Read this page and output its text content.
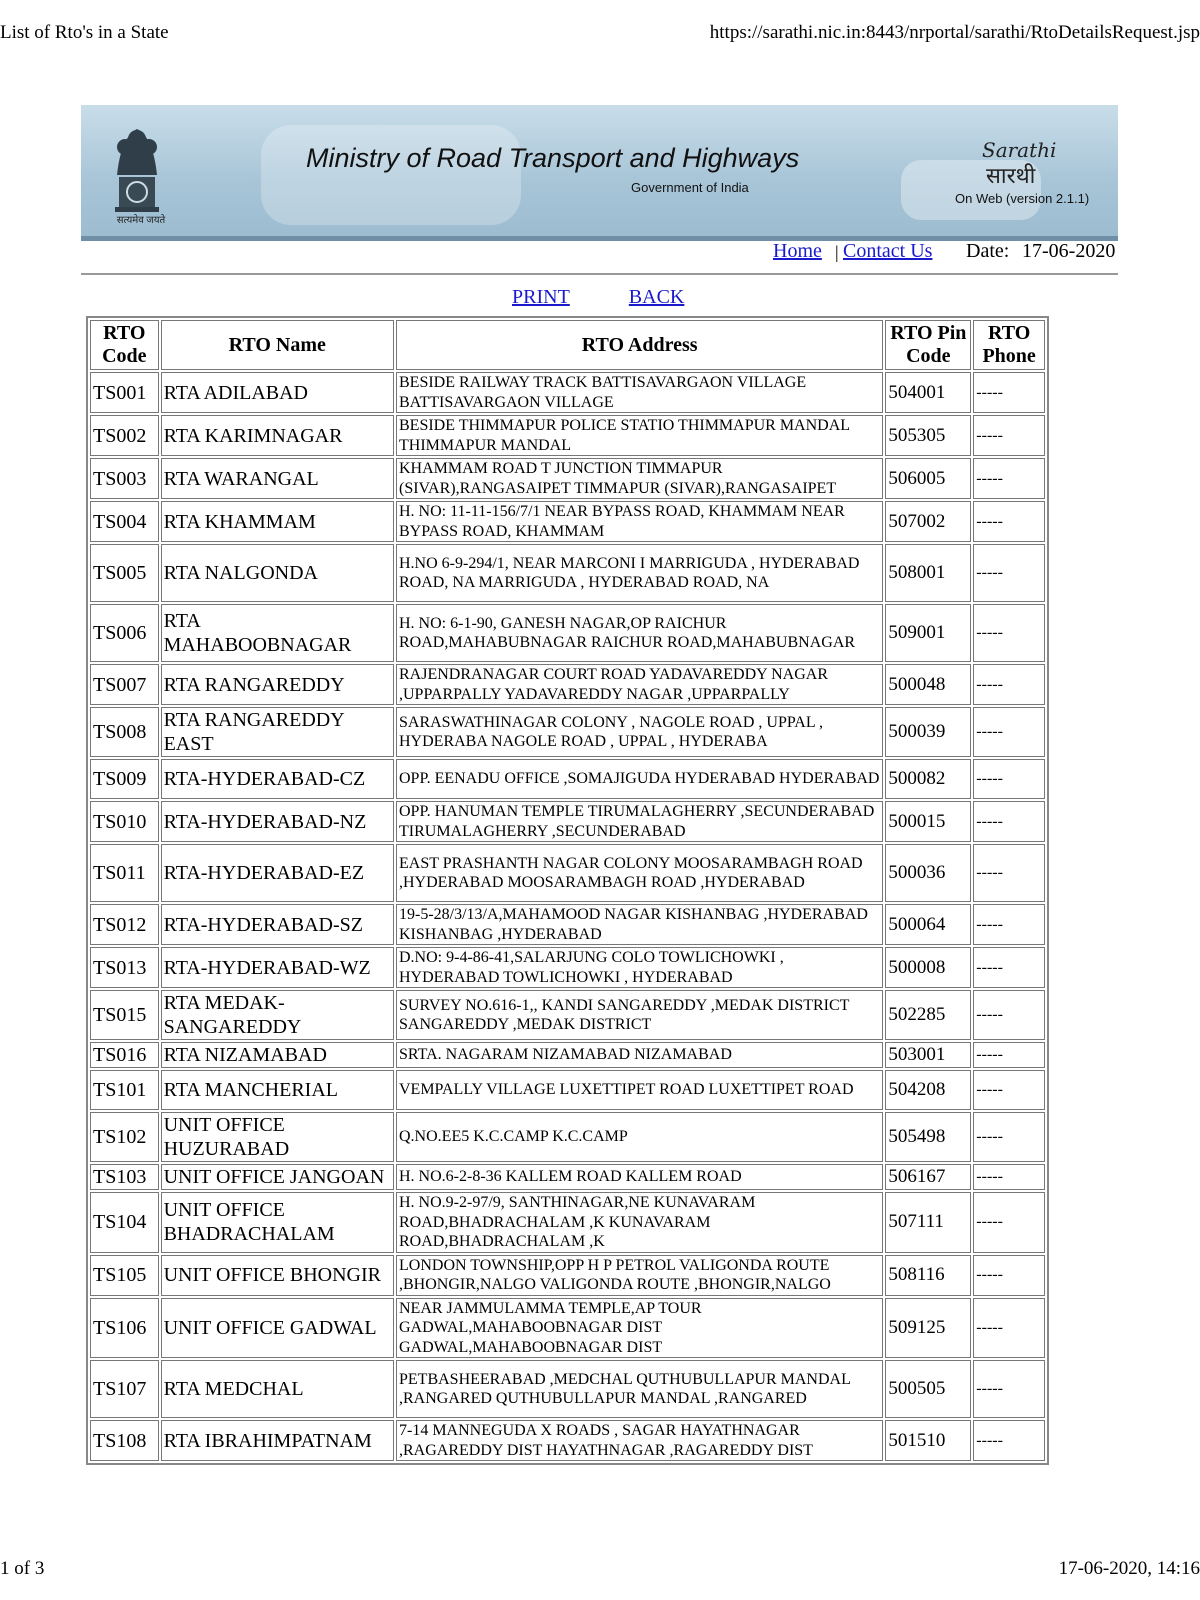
List of Rto's in a State	https://sarathi.nic.in:8443/nrportal/sarathi/RtoDetailsRequest.jsp
सत्यमेव जयते
Ministry of Road Transport and Highways
Government of India
Sarathi
सारथी
On Web (version 2.1.1)
Home | Contact Us Date: 17-06-2020
PRINT	BACK
RTO Code	RTO Name	RTO Address	RTO Pin Code	RTO Phone
TS001	RTA ADILABAD	BESIDE RAILWAY TRACK BATTISAVARGAON VILLAGE BATTISAVARGAON VILLAGE	504001	-----
TS002	RTA KARIMNAGAR	BESIDE THIMMAPUR POLICE STATIO THIMMAPUR MANDAL THIMMAPUR MANDAL	505305	-----
TS003	RTA WARANGAL	KHAMMAM ROAD T JUNCTION TIMMAPUR (SIVAR),RANGASAIPET TIMMAPUR (SIVAR),RANGASAIPET	506005	-----
TS004	RTA KHAMMAM	H. NO: 11-11-156/7/1 NEAR BYPASS ROAD, KHAMMAM NEAR BYPASS ROAD, KHAMMAM	507002	-----
TS005	RTA NALGONDA	H.NO 6-9-294/1, NEAR MARCONI I MARRIGUDA , HYDERABAD ROAD, NA MARRIGUDA , HYDERABAD ROAD, NA	508001	-----
TS006	RTA MAHABOOBNAGAR	H. NO: 6-1-90, GANESH NAGAR,OP RAICHUR ROAD,MAHABUBNAGAR RAICHUR ROAD,MAHABUBNAGAR	509001	-----
TS007	RTA RANGAREDDY	RAJENDRANAGAR COURT ROAD YADAVAREDDY NAGAR ,UPPARPALLY YADAVAREDDY NAGAR ,UPPARPALLY	500048	-----
TS008	RTA RANGAREDDY EAST	SARASWATHINAGAR COLONY , NAGOLE ROAD , UPPAL , HYDERABA NAGOLE ROAD , UPPAL , HYDERABA	500039	-----
TS009	RTA-HYDERABAD-CZ	OPP. EENADU OFFICE ,SOMAJIGUDA HYDERABAD HYDERABAD	500082	-----
TS010	RTA-HYDERABAD-NZ	OPP. HANUMAN TEMPLE TIRUMALAGHERRY ,SECUNDERABAD TIRUMALAGHERRY ,SECUNDERABAD	500015	-----
TS011	RTA-HYDERABAD-EZ	EAST PRASHANTH NAGAR COLONY MOOSARAMBAGH ROAD ,HYDERABAD MOOSARAMBAGH ROAD ,HYDERABAD	500036	-----
TS012	RTA-HYDERABAD-SZ	19-5-28/3/13/A,MAHAMOOD NAGAR KISHANBAG ,HYDERABAD KISHANBAG ,HYDERABAD	500064	-----
TS013	RTA-HYDERABAD-WZ	D.NO: 9-4-86-41,SALARJUNG COLO TOWLICHOWKI , HYDERABAD TOWLICHOWKI , HYDERABAD	500008	-----
TS015	RTA MEDAK-SANGAREDDY	SURVEY NO.616-1,, KANDI SANGAREDDY ,MEDAK DISTRICT SANGAREDDY ,MEDAK DISTRICT	502285	-----
TS016	RTA NIZAMABAD	SRTA. NAGARAM NIZAMABAD NIZAMABAD	503001	-----
TS101	RTA MANCHERIAL	VEMPALLY VILLAGE LUXETTIPET ROAD LUXETTIPET ROAD	504208	-----
TS102	UNIT OFFICE HUZURABAD	Q.NO.EE5 K.C.CAMP K.C.CAMP	505498	-----
TS103	UNIT OFFICE JANGOAN	H. NO.6-2-8-36 KALLEM ROAD KALLEM ROAD	506167	-----
TS104	UNIT OFFICE BHADRACHALAM	H. NO.9-2-97/9, SANTHINAGAR,NE KUNAVARAM ROAD,BHADRACHALAM ,K KUNAVARAM ROAD,BHADRACHALAM ,K	507111	-----
TS105	UNIT OFFICE BHONGIR	LONDON TOWNSHIP,OPP H P PETROL VALIGONDA ROUTE ,BHONGIR,NALGO VALIGONDA ROUTE ,BHONGIR,NALGO	508116	-----
TS106	UNIT OFFICE GADWAL	NEAR JAMMULAMMA TEMPLE,AP TOUR GADWAL,MAHABOOBNAGAR DIST GADWAL,MAHABOOBNAGAR DIST	509125	-----
TS107	RTA MEDCHAL	PETBASHEERABAD ,MEDCHAL QUTHUBULLAPUR MANDAL ,RANGARED QUTHUBULLAPUR MANDAL ,RANGARED	500505	-----
TS108	RTA IBRAHIMPATNAM	7-14 MANNEGUDA X ROADS , SAGAR HAYATHNAGAR ,RAGAREDDY DIST HAYATHNAGAR ,RAGAREDDY DIST	501510	-----
1 of 3	17-06-2020, 14:16
